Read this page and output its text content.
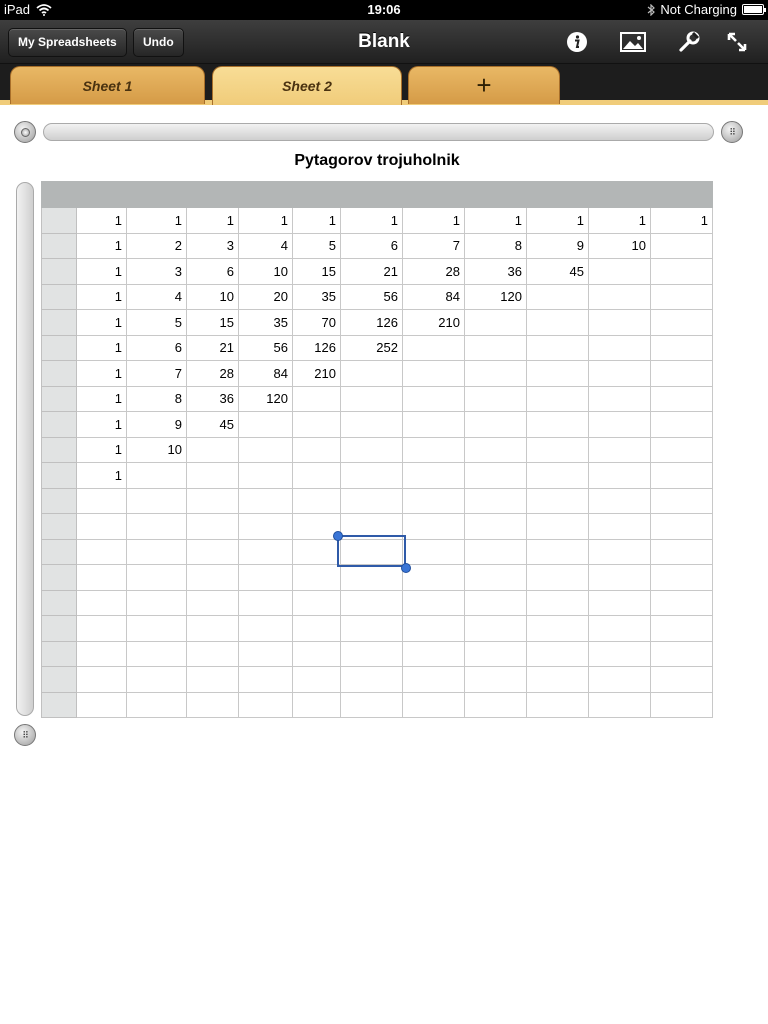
iPad	19:06	Not Charging
My Spreadsheets	Undo	Blank
Sheet 1	Sheet 2	+
⠿
⠿
Pytagorov trojuholnik

	1	1	1	1	1	1	1	1	1	1	1
	1	2	3	4	5	6	7	8	9	10	
	1	3	6	10	15	21	28	36	45		
	1	4	10	20	35	56	84	120			
	1	5	15	35	70	126	210				
	1	6	21	56	126	252					
	1	7	28	84	210						
	1	8	36	120							
	1	9	45								
	1	10									
	1										
